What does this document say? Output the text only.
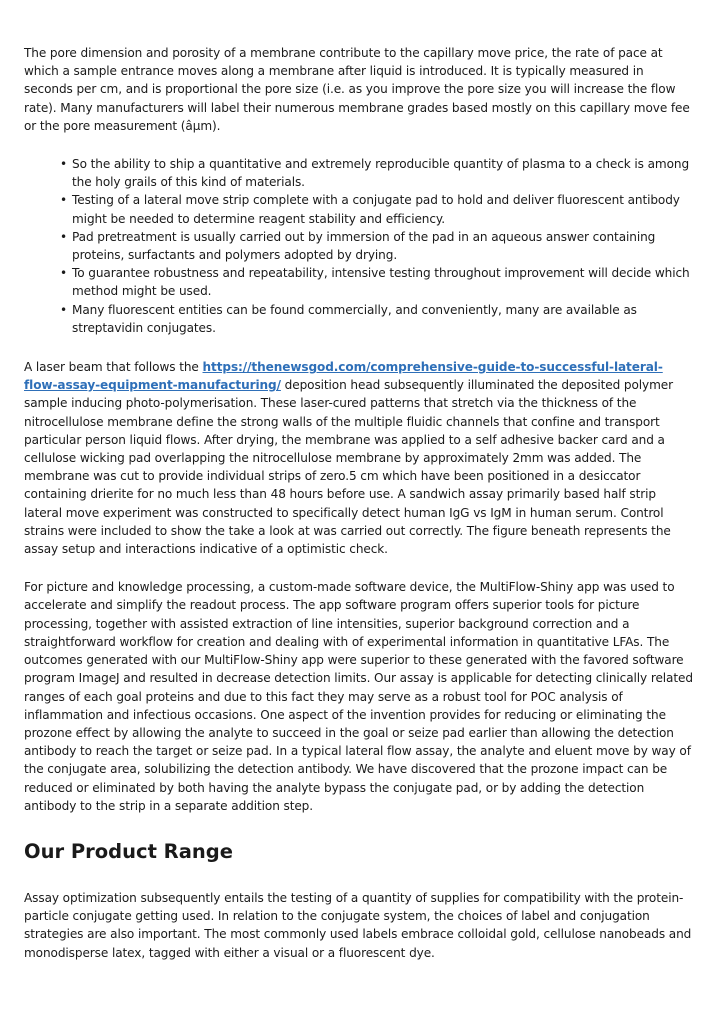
The pore dimension and porosity of a membrane contribute to the capillary move price, the rate of pace at which a sample entrance moves along a membrane after liquid is introduced. It is typically measured in seconds per cm, and is proportional the pore size (i.e. as you improve the pore size you will increase the flow rate). Many manufacturers will label their numerous membrane grades based mostly on this capillary move fee or the pore measurement (âµm).

• So the ability to ship a quantitative and extremely reproducible quantity of plasma to a check is among the holy grails of this kind of materials.
• Testing of a lateral move strip complete with a conjugate pad to hold and deliver fluorescent antibody might be needed to determine reagent stability and efficiency.
• Pad pretreatment is usually carried out by immersion of the pad in an aqueous answer containing proteins, surfactants and polymers adopted by drying.
• To guarantee robustness and repeatability, intensive testing throughout improvement will decide which method might be used.
• Many fluorescent entities can be found commercially, and conveniently, many are available as streptavidin conjugates.

A laser beam that follows the https://thenewsgod.com/comprehensive-guide-to-successful-lateral-flow-assay-equipment-manufacturing/ deposition head subsequently illuminated the deposited polymer sample inducing photo-polymerisation. These laser-cured patterns that stretch via the thickness of the nitrocellulose membrane define the strong walls of the multiple fluidic channels that confine and transport particular person liquid flows. After drying, the membrane was applied to a self adhesive backer card and a cellulose wicking pad overlapping the nitrocellulose membrane by approximately 2mm was added. The membrane was cut to provide individual strips of zero.5 cm which have been positioned in a desiccator containing drierite for no much less than 48 hours before use. A sandwich assay primarily based half strip lateral move experiment was constructed to specifically detect human IgG vs IgM in human serum. Control strains were included to show the take a look at was carried out correctly. The figure beneath represents the assay setup and interactions indicative of a optimistic check.

For picture and knowledge processing, a custom-made software device, the MultiFlow-Shiny app was used to accelerate and simplify the readout process. The app software program offers superior tools for picture processing, together with assisted extraction of line intensities, superior background correction and a straightforward workflow for creation and dealing with of experimental information in quantitative LFAs. The outcomes generated with our MultiFlow-Shiny app were superior to these generated with the favored software program ImageJ and resulted in decrease detection limits. Our assay is applicable for detecting clinically related ranges of each goal proteins and due to this fact they may serve as a robust tool for POC analysis of inflammation and infectious occasions. One aspect of the invention provides for reducing or eliminating the prozone effect by allowing the analyte to succeed in the goal or seize pad earlier than allowing the detection antibody to reach the target or seize pad. In a typical lateral flow assay, the analyte and eluent move by way of the conjugate area, solubilizing the detection antibody. We have discovered that the prozone impact can be reduced or eliminated by both having the analyte bypass the conjugate pad, or by adding the detection antibody to the strip in a separate addition step.

Our Product Range

Assay optimization subsequently entails the testing of a quantity of supplies for compatibility with the protein-particle conjugate getting used. In relation to the conjugate system, the choices of label and conjugation strategies are also important. The most commonly used labels embrace colloidal gold, cellulose nanobeads and monodisperse latex, tagged with either a visual or a fluorescent dye.
